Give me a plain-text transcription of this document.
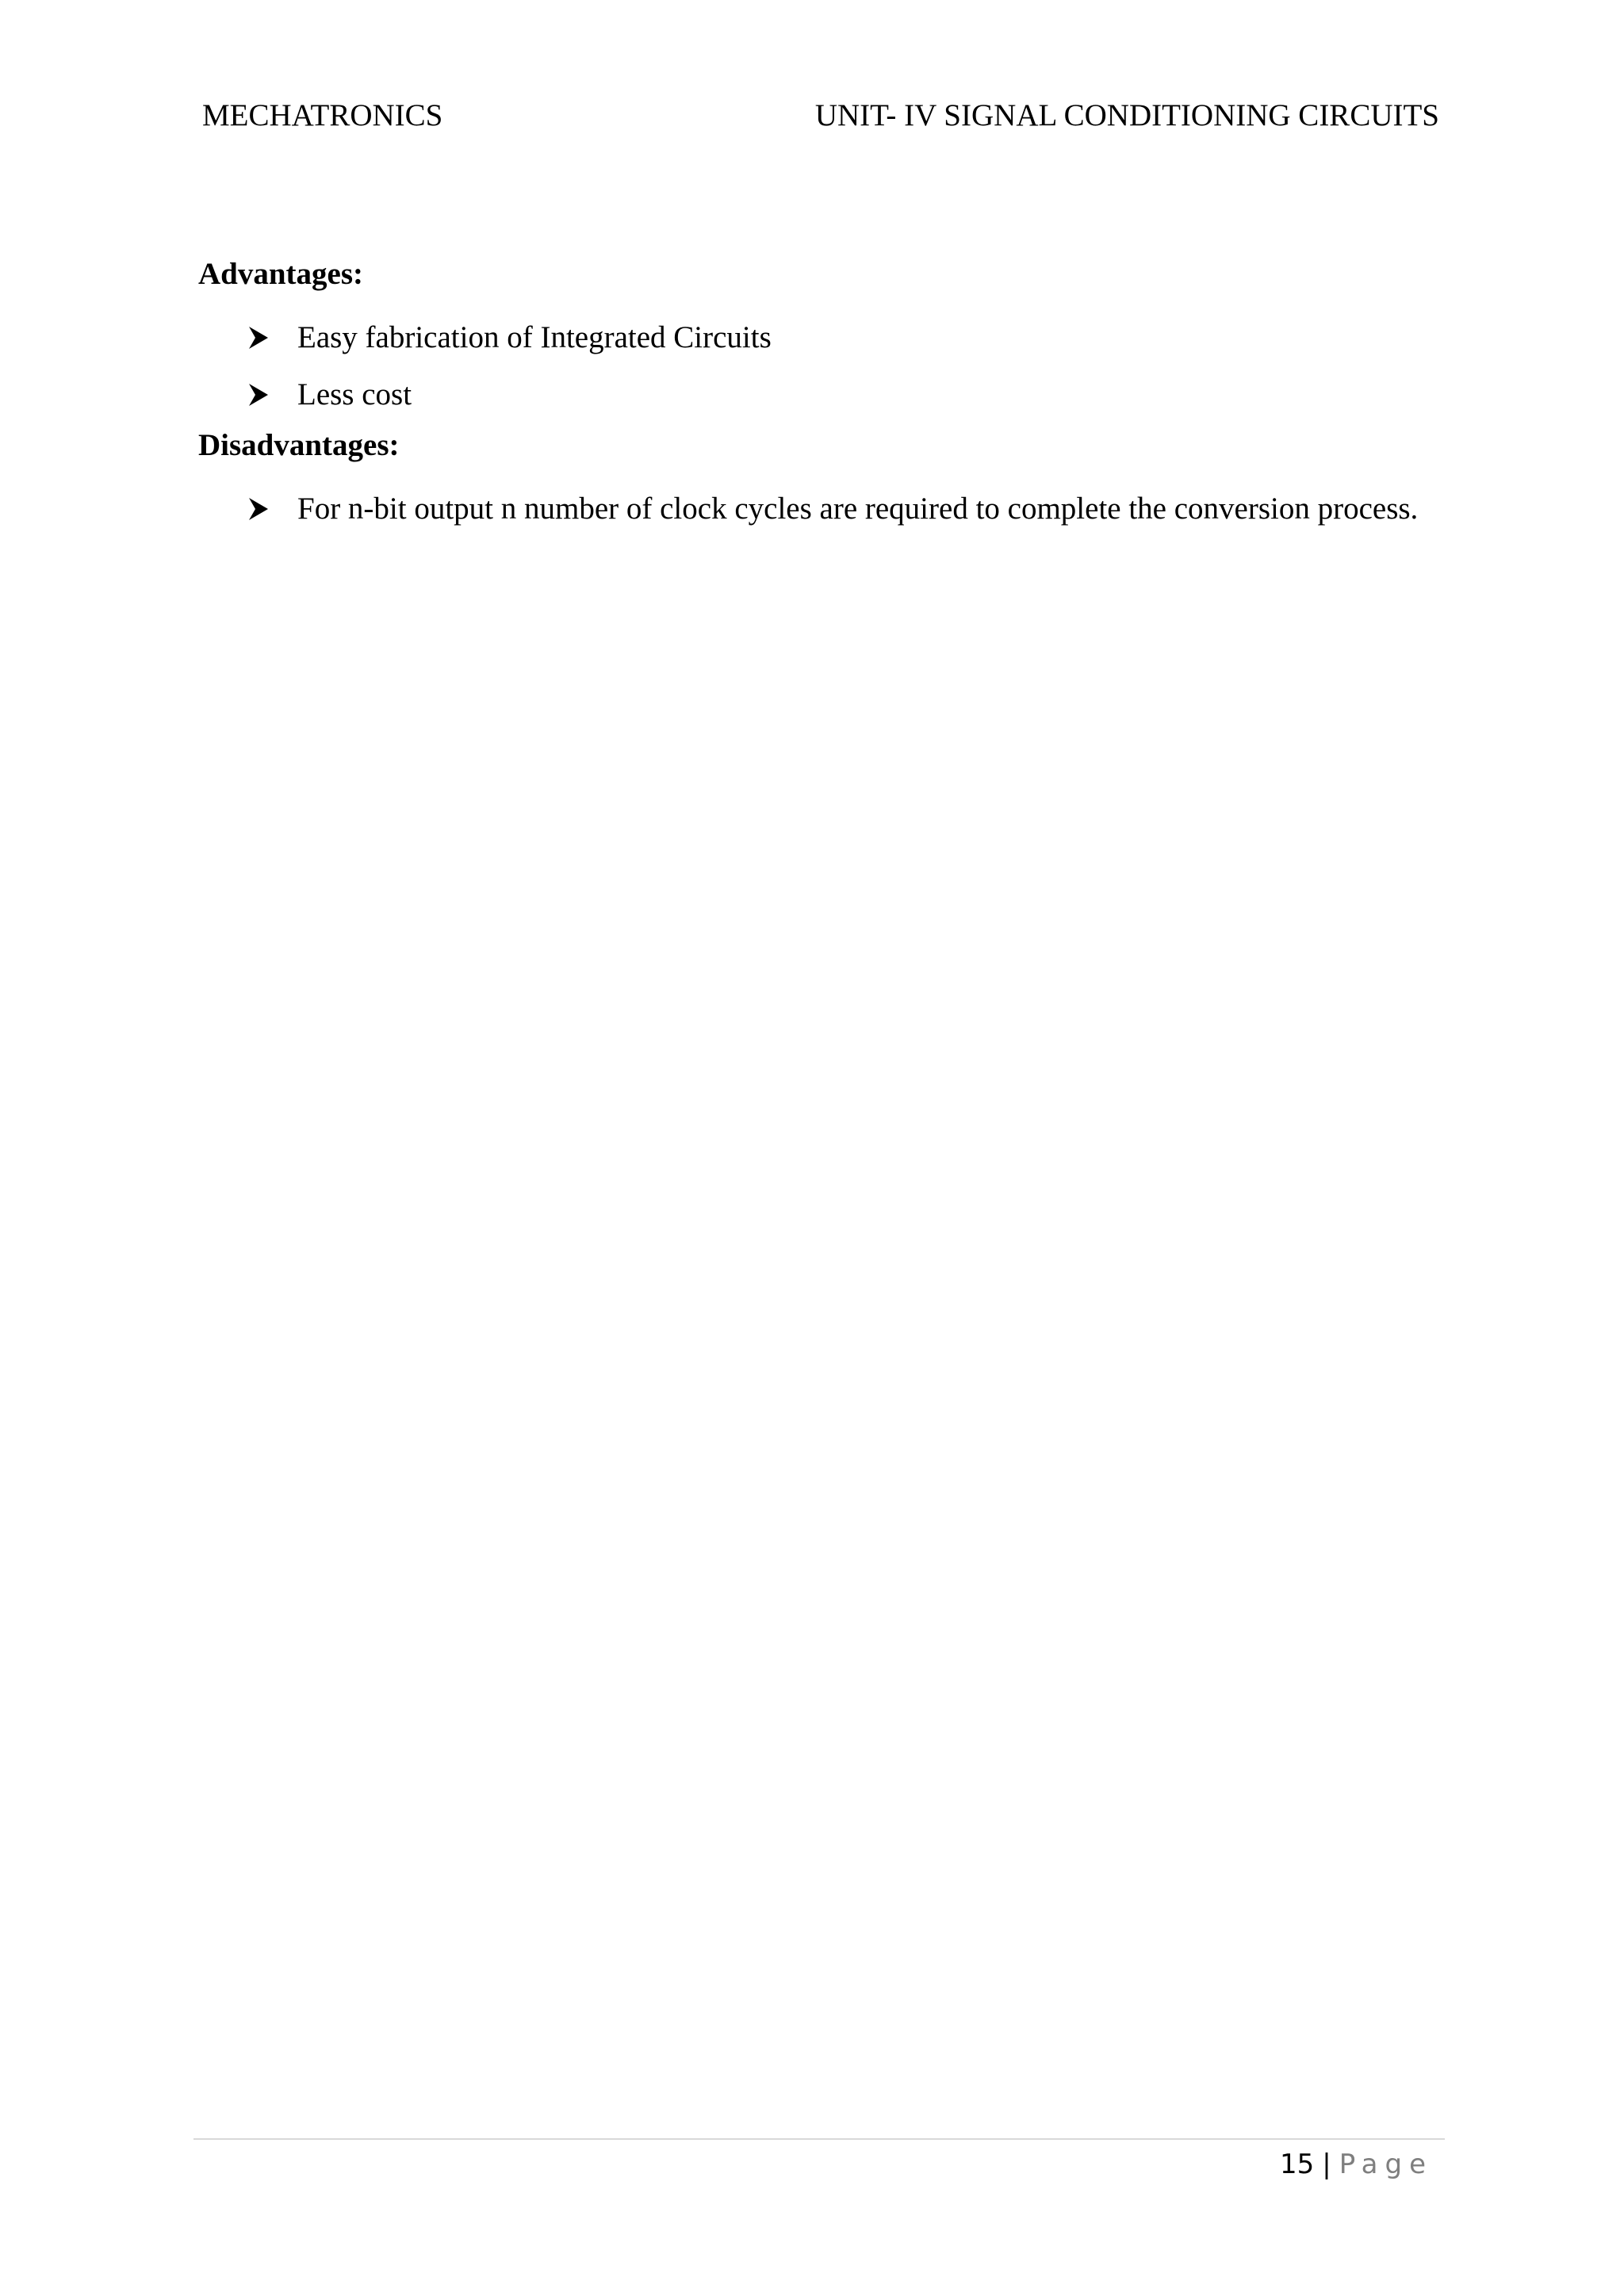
MECHATRONICS	UNIT- IV SIGNAL CONDITIONING CIRCUITS
Advantages:
Easy fabrication of Integrated Circuits
Less cost
Disadvantages:
For n-bit output n number of clock cycles are required to complete the conversion process.
15 | Page
